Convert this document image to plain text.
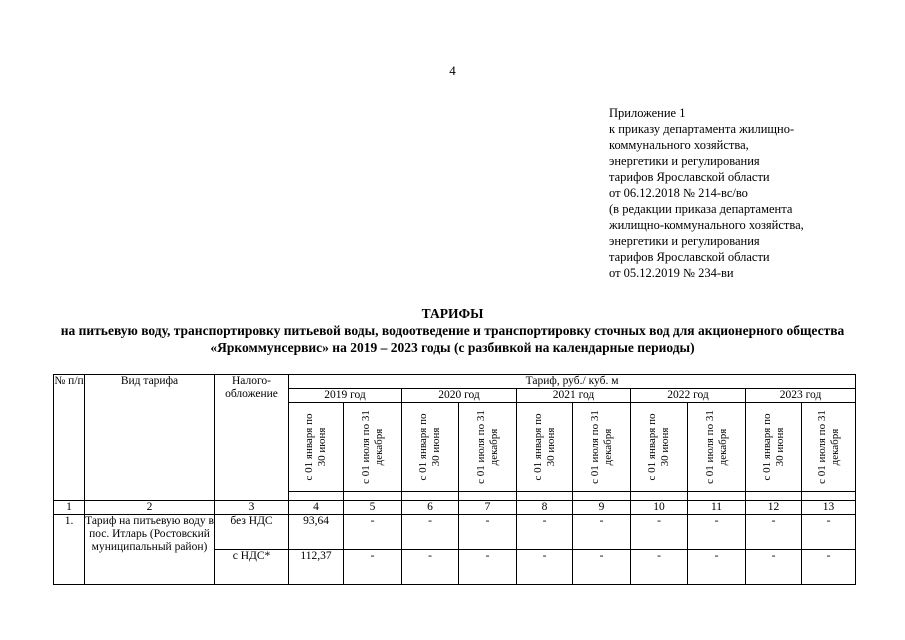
4
Приложение 1
к приказу департамента жилищно-
коммунального хозяйства,
энергетики и регулирования
тарифов Ярославской области
от 06.12.2018 № 214-вс/во
(в редакции приказа департамента
жилищно-коммунального хозяйства,
энергетики и регулирования
тарифов Ярославской области
от 05.12.2019 № 234-ви
ТАРИФЫ
на питьевую воду, транспортировку питьевой воды, водоотведение и транспортировку сточных вод для акционерного общества «Яркоммунсервис» на 2019 – 2023 годы (с разбивкой на календарные периоды)
№ п/п	Вид тарифа	Налого-обложение	Тариф, руб./ куб. м									
			2019 год		2020 год		2021 год		2022 год		2023 год	

			с 01 января по 30 июня	с 01 июля по 31 декабря	с 01 января по 30 июня	с 01 июля по 31 декабря	с 01 января по 30 июня	с 01 июля по 31 декабря	с 01 января по 30 июня	с 01 июля по 31 декабря	с 01 января по 30 июня	с 01 июля по 31 декабря

1	2	3	4	5	6	7	8	9	10	11	12	13
1.	Тариф на питьевую воду в пос. Итларь (Ростовский муниципальный район)	без НДС	93,64	-	-	-	-	-	-	-	-	-
		с НДС*	112,37	-	-	-	-	-	-	-	-	-
